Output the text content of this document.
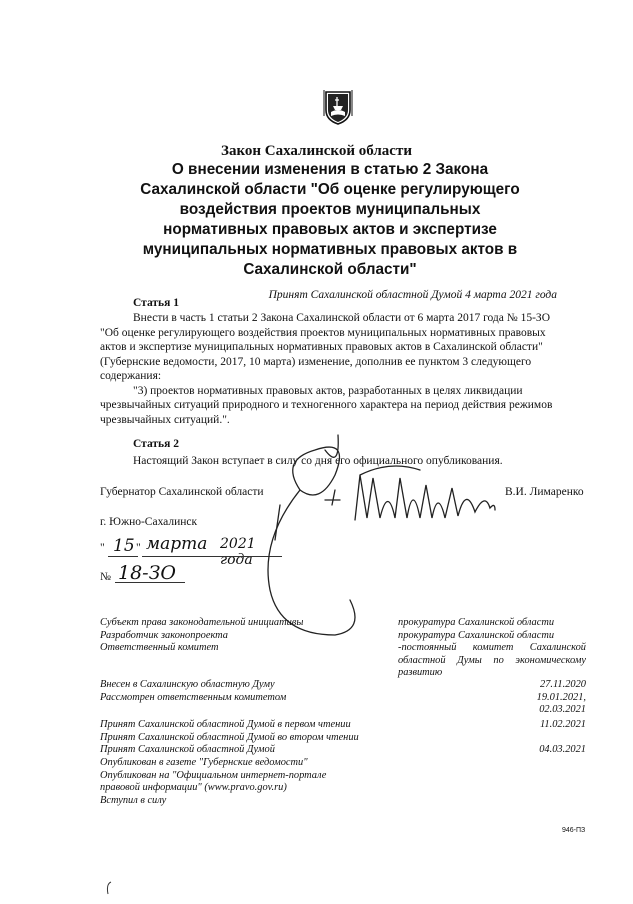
Закон Сахалинской области
О внесении изменения в статью 2 Закона
Сахалинской области "Об оценке регулирующего
воздействия проектов муниципальных
нормативных правовых актов и экспертизе
муниципальных нормативных правовых актов в
Сахалинской области"
Принят Сахалинской областной Думой 4 марта 2021 года
Статья 1
Внести в часть 1 статьи 2 Закона Сахалинской области от 6 марта 2017 года № 15-ЗО
"Об оценке регулирующего воздействия проектов муниципальных нормативных правовых
актов и экспертизе муниципальных нормативных правовых актов в Сахалинской области"
(Губернские ведомости, 2017, 10 марта) изменение, дополнив ее пунктом 3 следующего
содержания:
"3) проектов нормативных правовых актов, разработанных в целях ликвидации
чрезвычайных ситуаций природного и техногенного характера на период действия режимов
чрезвычайных ситуаций.".
Статья 2
Настоящий Закон вступает в силу со дня его официального опубликования.
Губернатор Сахалинской области	В.И. Лимаренко
г. Южно-Сахалинск
" 15 " марта 2021 года
№ 18-ЗО
Субъект права законодательной инициативы
Разработчик законопроекта
Ответственный комитет
прокуратура Сахалинской области
прокуратура Сахалинской области
-постоянный комитет Сахалинской областной Думы по экономическому развитию
Внесен в Сахалинскую областную Думу
Рассмотрен ответственным комитетом
Принят Сахалинской областной Думой в первом чтении
Принят Сахалинской областной Думой во втором чтении
Принят Сахалинской областной Думой
Опубликован в газете "Губернские ведомости"
Опубликован на "Официальном интернет-портале правовой информации" (www.pravo.gov.ru)
Вступил в силу
27.11.2020
19.01.2021,
02.03.2021
11.02.2021

04.03.2021
946-ПЗ
